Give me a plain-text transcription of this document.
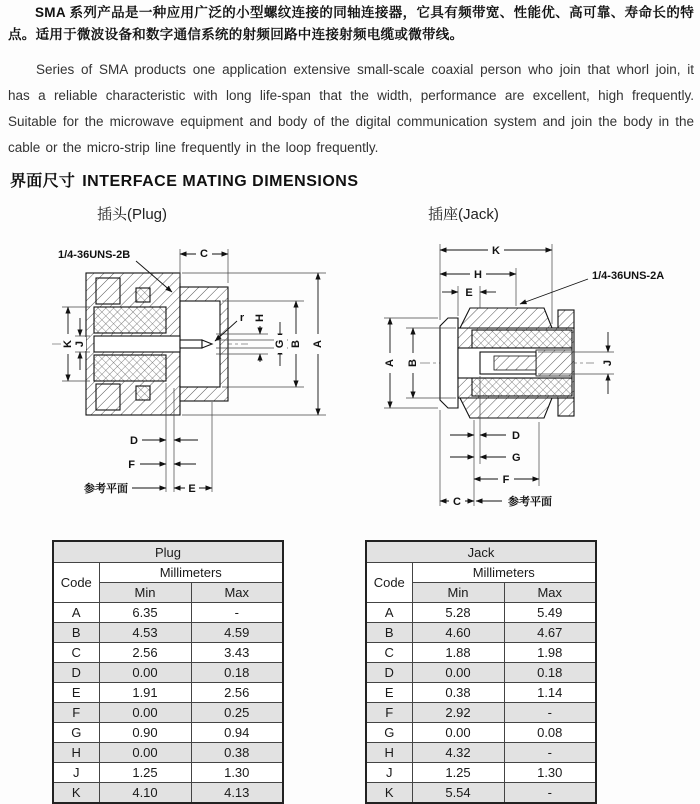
SMA 系列产品是一种应用广泛的小型螺纹连接的同轴连接器，它具有频带宽、性能优、高可靠、寿命长的特点。适用于微波设备和数字通信系统的射频回路中连接射频电缆或微带线。

Series of SMA products one application extensive small-scale coaxial person who join that whorl join, it has a reliable characteristic with long life-span that the width, performance are excellent, high frequently. Suitable for the microwave equipment and body of the digital communication system and join the body in the cable or the micro-strip line frequently in the loop frequently.

界面尺寸 INTERFACE MATING DIMENSIONS
插头(Plug)	插座(Jack)
C
K J
r H
G B A
D
F
E
参考平面
1/4-36UNS-2B	K
H
E
1/4-36UNS-2A
A B	J
D
G
F
C	参考平面
Plug		
Code	Millimeters	
	Min	Max
A	6.35	-
B	4.53	4.59
C	2.56	3.43
D	0.00	0.18
E	1.91	2.56
F	0.00	0.25
G	0.90	0.94
H	0.00	0.38
J	1.25	1.30
K	4.10	4.13
Jack		
Code	Millimeters	
	Min	Max
A	5.28	5.49
B	4.60	4.67
C	1.88	1.98
D	0.00	0.18
E	0.38	1.14
F	2.92	-
G	0.00	0.08
H	4.32	-
J	1.25	1.30
K	5.54	-
